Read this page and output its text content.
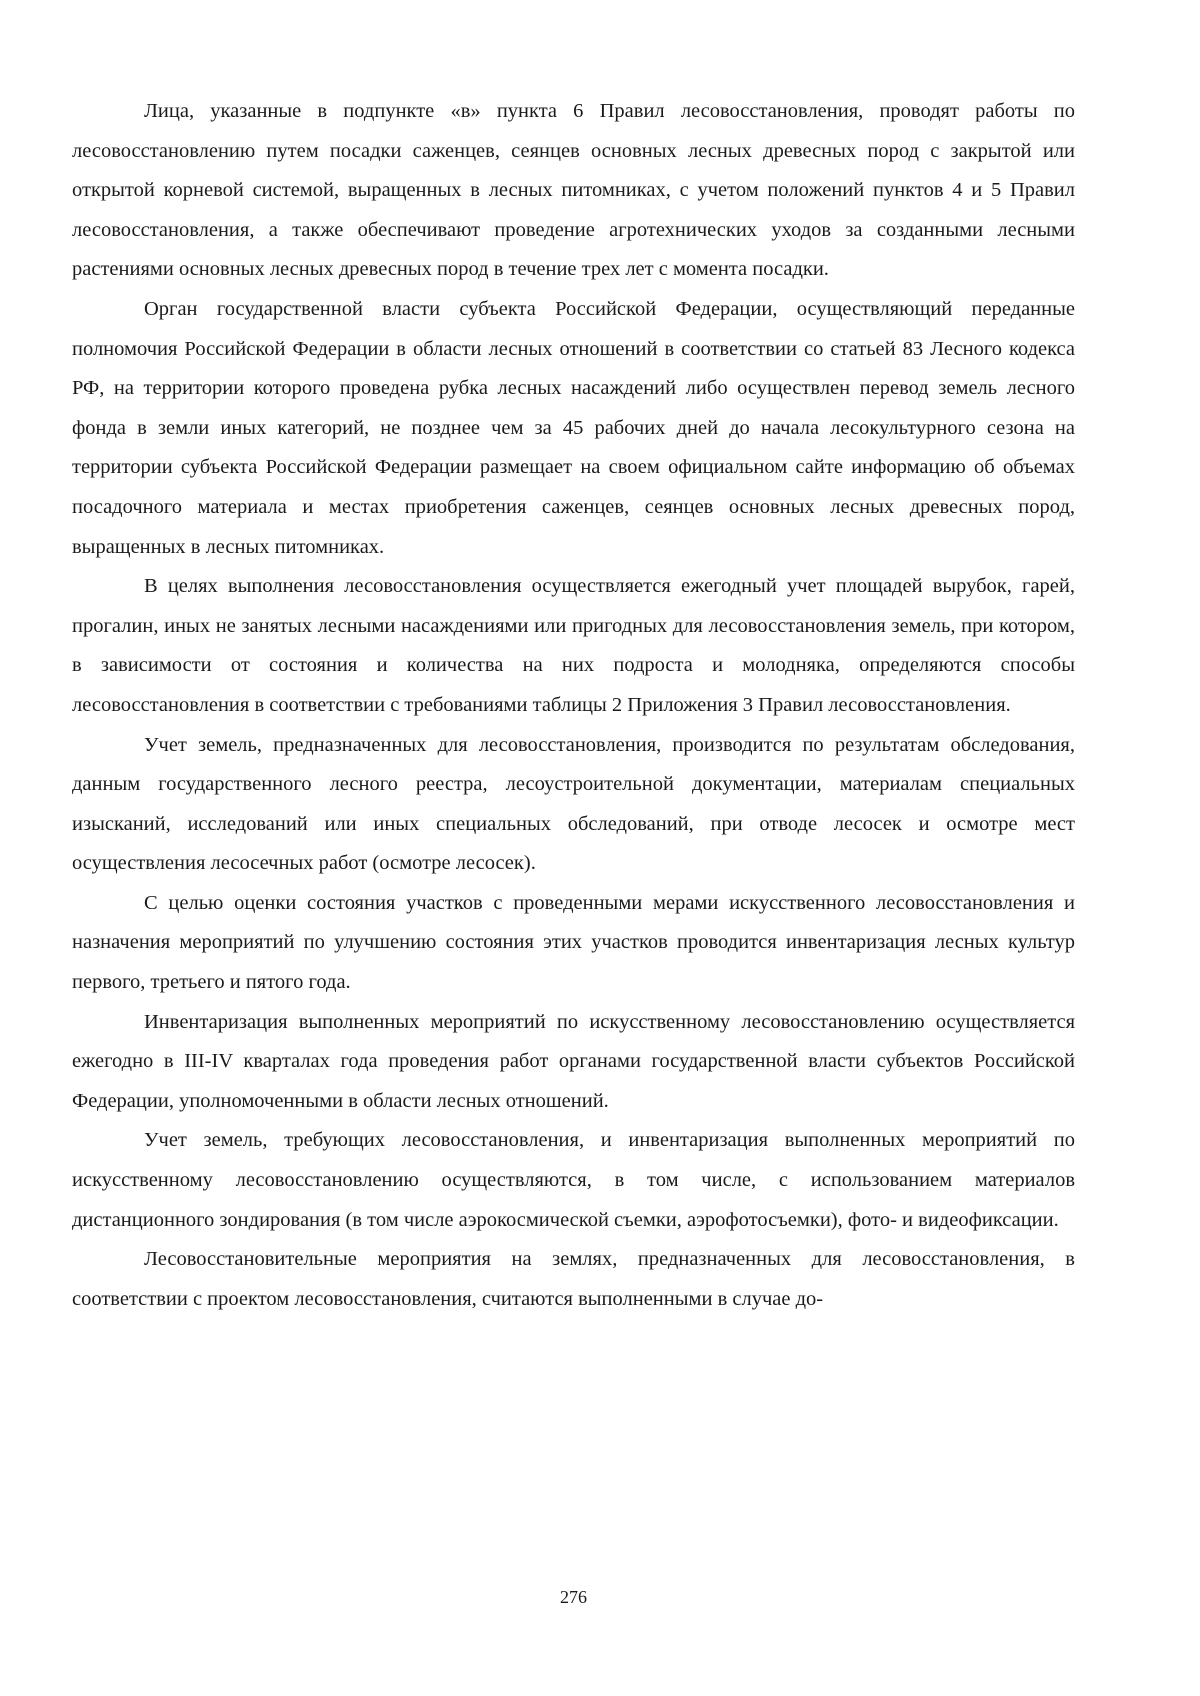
Лица, указанные в подпункте «в» пункта 6 Правил лесовосстановления, проводят работы по лесовосстановлению путем посадки саженцев, сеянцев основных лесных древесных пород с закрытой или открытой корневой системой, выращенных в лесных питомниках, с учетом положений пунктов 4 и 5 Правил лесовосстановления, а также обеспечивают проведение агротехнических уходов за созданными лесными растениями основных лесных древесных пород в течение трех лет с момента посадки.

Орган государственной власти субъекта Российской Федерации, осуществляющий переданные полномочия Российской Федерации в области лесных отношений в соответствии со статьей 83 Лесного кодекса РФ, на территории которого проведена рубка лесных насаждений либо осуществлен перевод земель лесного фонда в земли иных категорий, не позднее чем за 45 рабочих дней до начала лесокультурного сезона на территории субъекта Российской Федерации размещает на своем официальном сайте информацию об объемах посадочного материала и местах приобретения саженцев, сеянцев основных лесных древесных пород, выращенных в лесных питомниках.

В целях выполнения лесовосстановления осуществляется ежегодный учет площадей вырубок, гарей, прогалин, иных не занятых лесными насаждениями или пригодных для лесовосстановления земель, при котором, в зависимости от состояния и количества на них подроста и молодняка, определяются способы лесовосстановления в соответствии с требованиями таблицы 2 Приложения 3 Правил лесовосстановления.

Учет земель, предназначенных для лесовосстановления, производится по результатам обследования, данным государственного лесного реестра, лесоустроительной документации, материалам специальных изысканий, исследований или иных специальных обследований, при отводе лесосек и осмотре мест осуществления лесосечных работ (осмотре лесосек).

С целью оценки состояния участков с проведенными мерами искусственного лесовосстановления и назначения мероприятий по улучшению состояния этих участков проводится инвентаризация лесных культур первого, третьего и пятого года.

Инвентаризация выполненных мероприятий по искусственному лесовосстановлению осуществляется ежегодно в III-IV кварталах года проведения работ органами государственной власти субъектов Российской Федерации, уполномоченными в области лесных отношений.

Учет земель, требующих лесовосстановления, и инвентаризация выполненных мероприятий по искусственному лесовосстановлению осуществляются, в том числе, с использованием материалов дистанционного зондирования (в том числе аэрокосмической съемки, аэрофотосъемки), фото- и видеофиксации.

Лесовосстановительные мероприятия на землях, предназначенных для лесовосстановления, в соответствии с проектом лесовосстановления, считаются выполненными в случае до-

276
